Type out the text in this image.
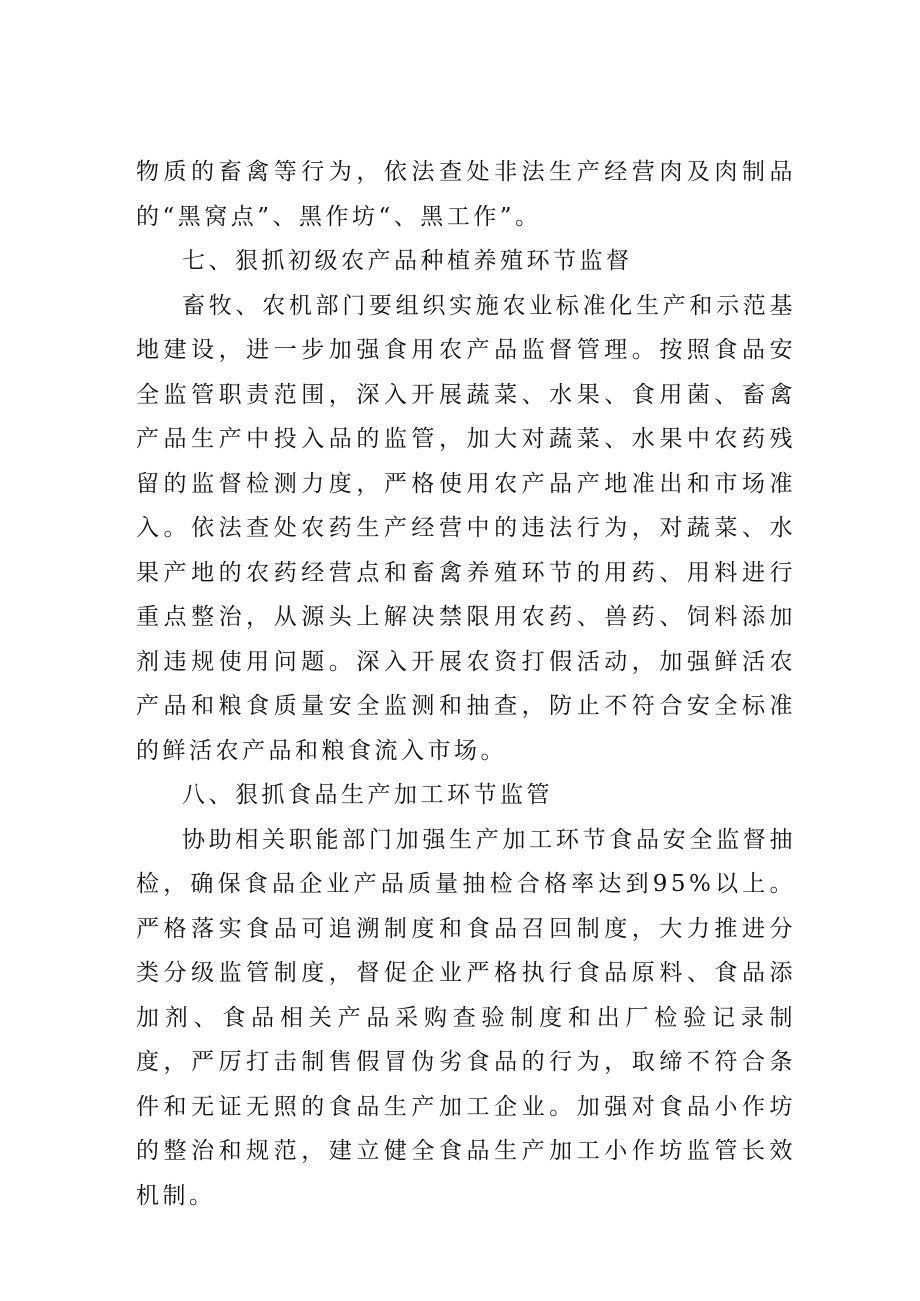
物质的畜禽等行为，依法查处非法生产经营肉及肉制品的“黑窝点”、黑作坊“、黑工作”。

七、狠抓初级农产品种植养殖环节监督

畜牧、农机部门要组织实施农业标准化生产和示范基地建设，进一步加强食用农产品监督管理。按照食品安全监管职责范围，深入开展蔬菜、水果、食用菌、畜禽产品生产中投入品的监管，加大对蔬菜、水果中农药残留的监督检测力度，严格使用农产品产地准出和市场准入。依法查处农药生产经营中的违法行为，对蔬菜、水果产地的农药经营点和畜禽养殖环节的用药、用料进行重点整治，从源头上解决禁限用农药、兽药、饲料添加剂违规使用问题。深入开展农资打假活动，加强鲜活农产品和粮食质量安全监测和抽查，防止不符合安全标准的鲜活农产品和粮食流入市场。

八、狠抓食品生产加工环节监管

协助相关职能部门加强生产加工环节食品安全监督抽检，确保食品企业产品质量抽检合格率达到95%以上。严格落实食品可追溯制度和食品召回制度，大力推进分类分级监管制度，督促企业严格执行食品原料、食品添加剂、食品相关产品采购查验制度和出厂检验记录制度，严厉打击制售假冒伪劣食品的行为，取缔不符合条件和无证无照的食品生产加工企业。加强对食品小作坊的整治和规范，建立健全食品生产加工小作坊监管长效机制。
